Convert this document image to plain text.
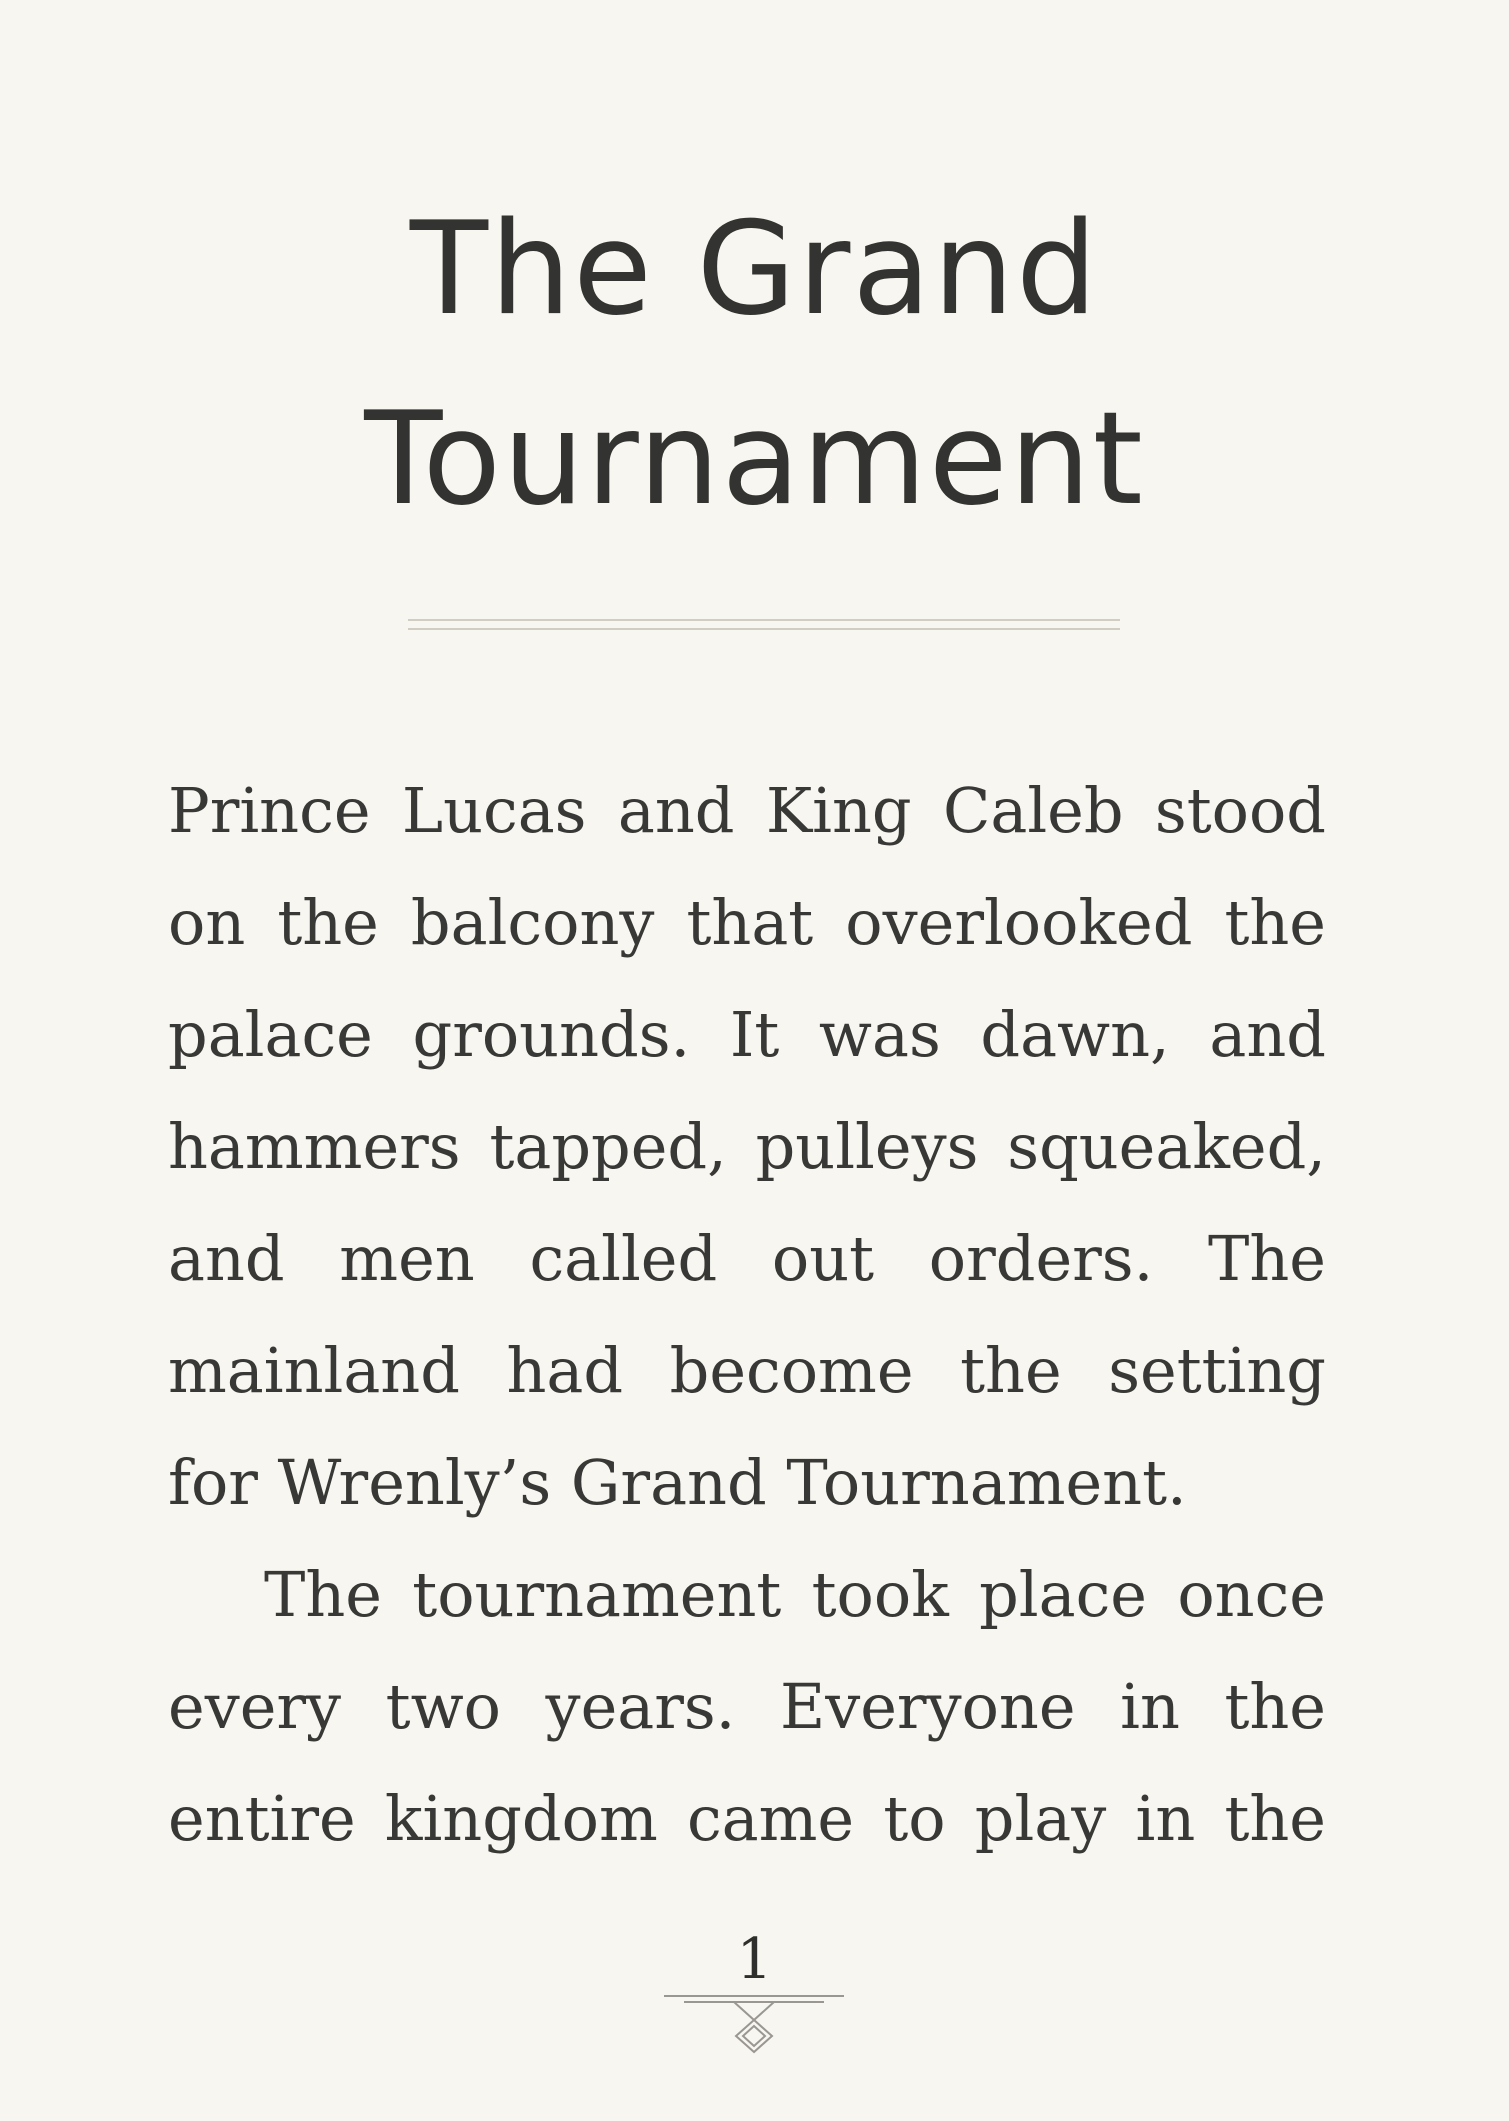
The Grand
Tournament
Prince Lucas and King Caleb stood
on the balcony that overlooked the
palace grounds. It was dawn, and
hammers tapped, pulleys squeaked,
and men called out orders. The
mainland had become the setting
for Wrenly’s Grand Tournament.
The tournament took place once
every two years. Everyone in the
entire kingdom came to play in the
1
